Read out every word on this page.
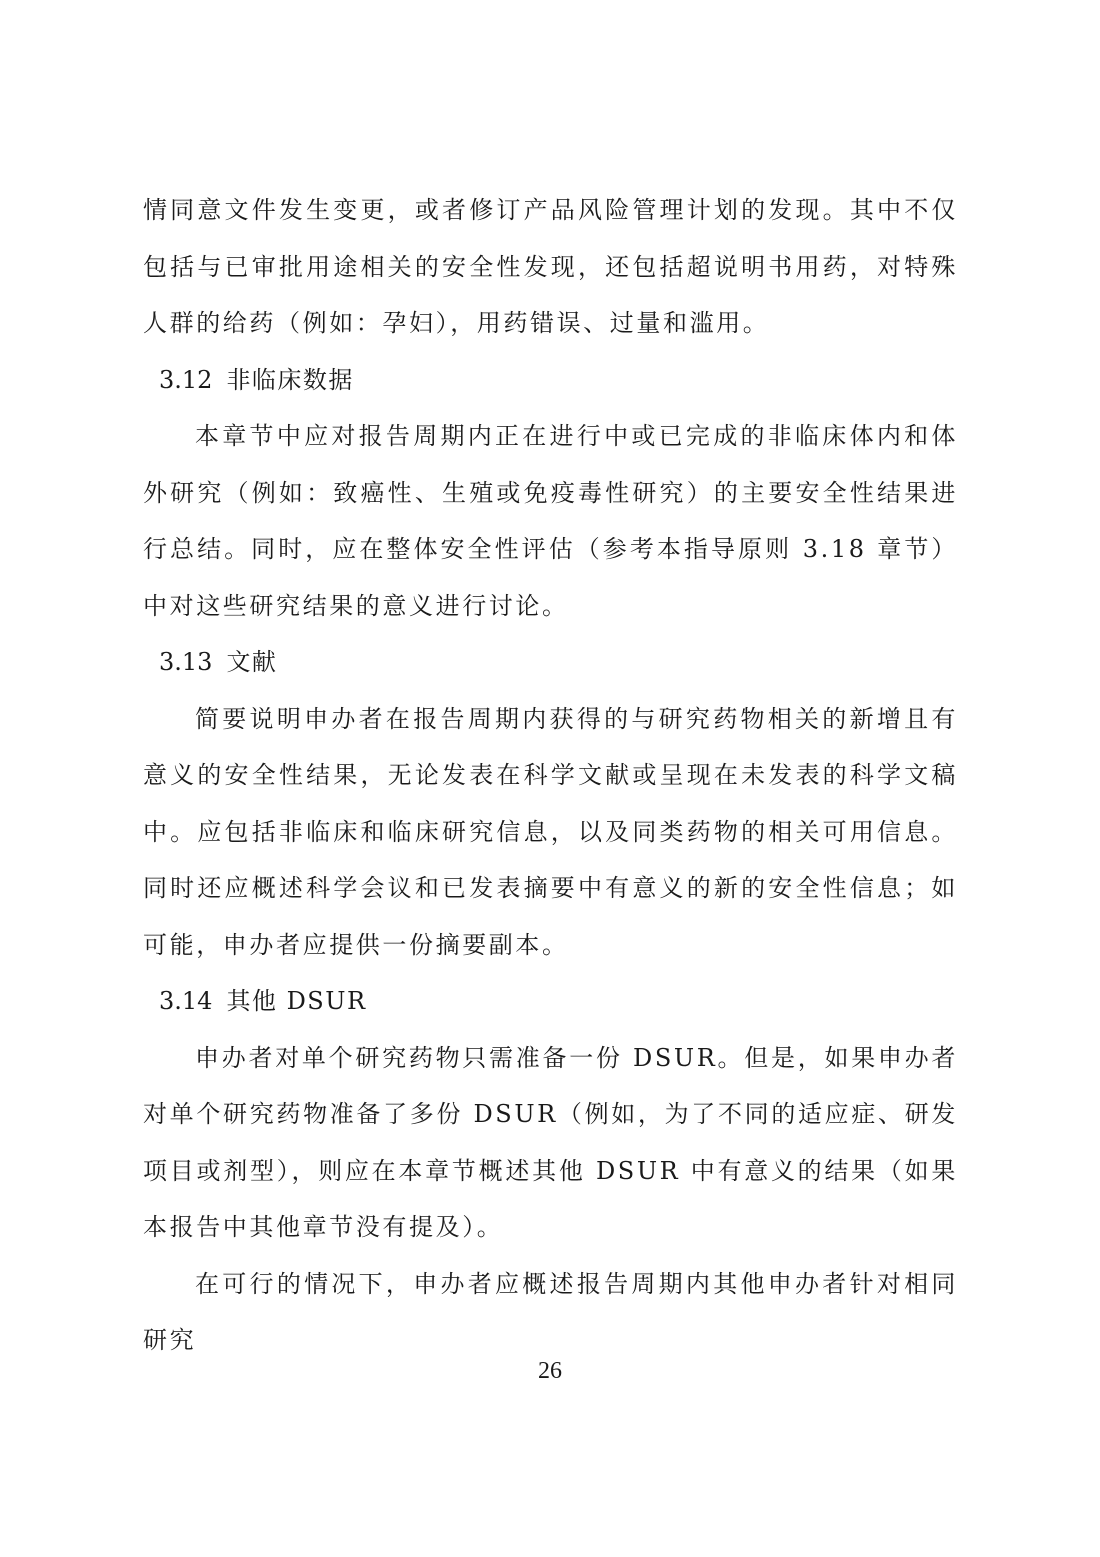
情同意文件发生变更，或者修订产品风险管理计划的发现。其中不仅包括与已审批用途相关的安全性发现，还包括超说明书用药，对特殊人群的给药（例如：孕妇），用药错误、过量和滥用。

3.12 非临床数据

本章节中应对报告周期内正在进行中或已完成的非临床体内和体外研究（例如：致癌性、生殖或免疫毒性研究）的主要安全性结果进行总结。同时，应在整体安全性评估（参考本指导原则 3.18 章节）中对这些研究结果的意义进行讨论。

3.13 文献

简要说明申办者在报告周期内获得的与研究药物相关的新增且有意义的安全性结果，无论发表在科学文献或呈现在未发表的科学文稿中。应包括非临床和临床研究信息，以及同类药物的相关可用信息。同时还应概述科学会议和已发表摘要中有意义的新的安全性信息；如可能，申办者应提供一份摘要副本。

3.14 其他 DSUR

申办者对单个研究药物只需准备一份 DSUR。但是，如果申办者对单个研究药物准备了多份 DSUR（例如，为了不同的适应症、研发项目或剂型），则应在本章节概述其他 DSUR 中有意义的结果（如果本报告中其他章节没有提及）。

在可行的情况下，申办者应概述报告周期内其他申办者针对相同研究

26
